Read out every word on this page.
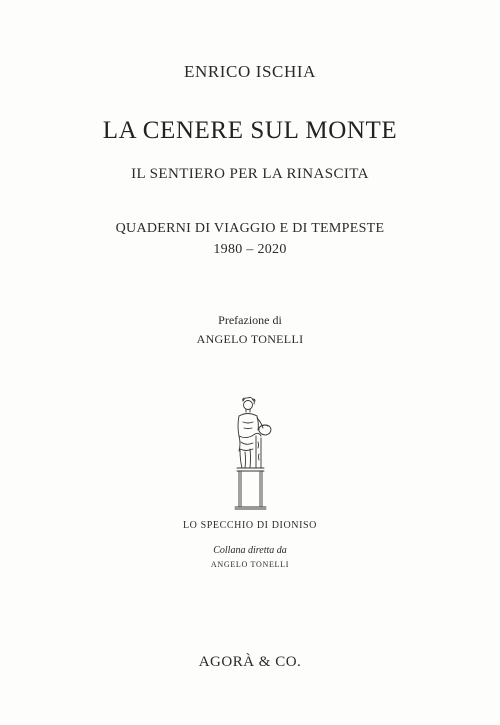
ENRICO ISCHIA
LA CENERE SUL MONTE
IL SENTIERO PER LA RINASCITA
QUADERNI DI VIAGGIO E DI TEMPESTE
1980 – 2020
Prefazione di
ANGELO TONELLI
LO SPECCHIO DI DIONISO
Collana diretta da
ANGELO TONELLI
AGORÀ & CO.
